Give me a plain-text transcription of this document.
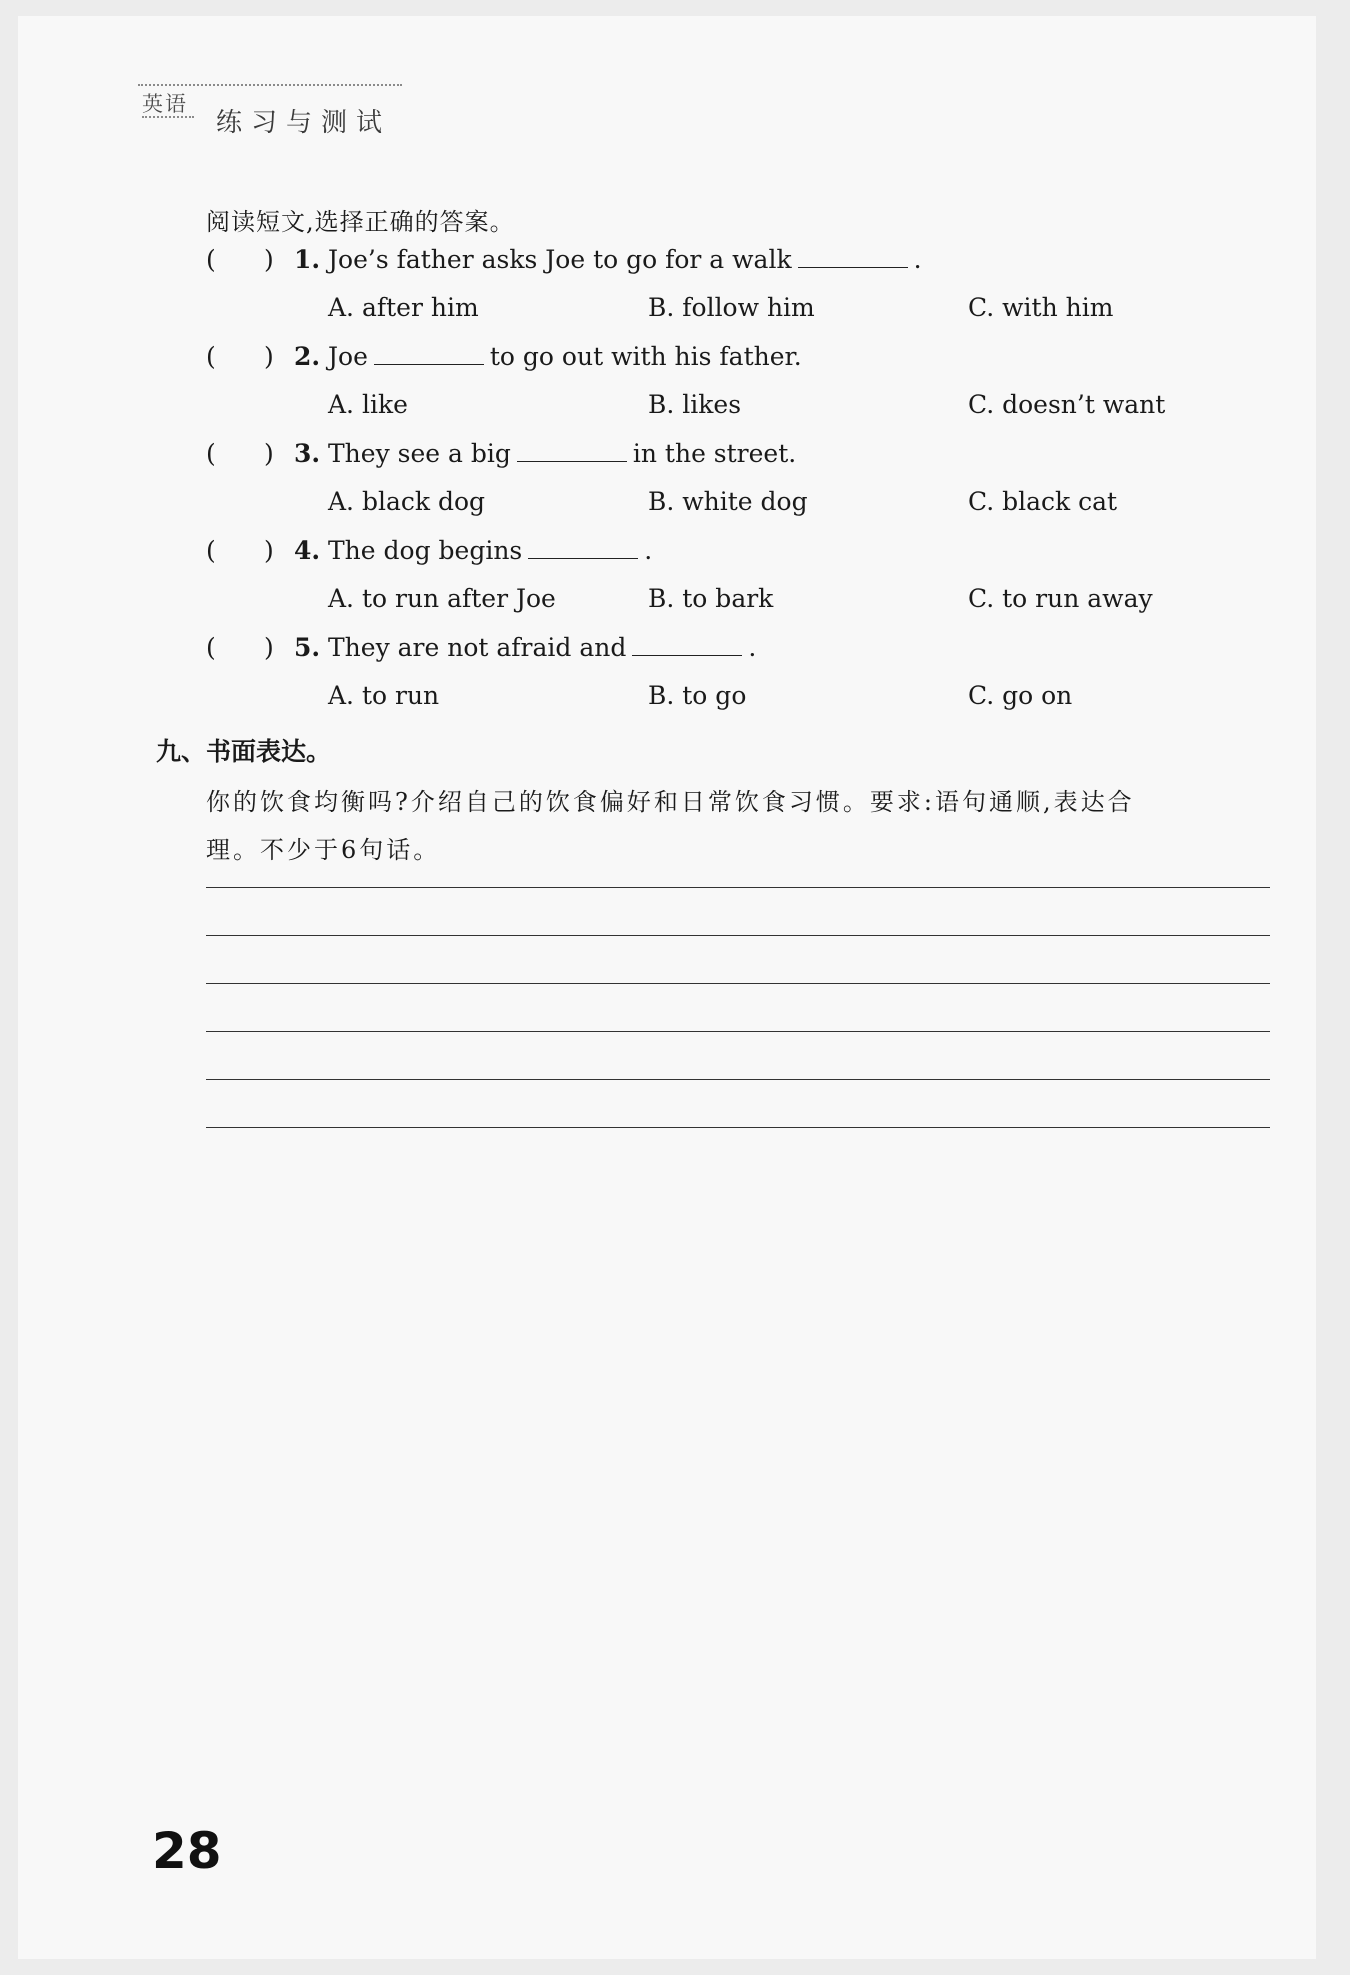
英语
练习与测试
阅读短文,选择正确的答案。
( ) 1. Joe’s father asks Joe to go for a walk	.
A. after him	B. follow him	C. with him
( ) 2. Joe	to go out with his father.
A. like	B. likes	C. doesn’t want
( ) 3. They see a big	in the street.
A. black dog	B. white dog	C. black cat
( ) 4. The dog begins	.
A. to run after Joe	B. to bark	C. to run away
( ) 5. They are not afraid and	.
A. to run	B. to go	C. go on
九、书面表达。
你的饮食均衡吗?介绍自己的饮食偏好和日常饮食习惯。要求:语句通顺,表达合
理。不少于6句话。
28
